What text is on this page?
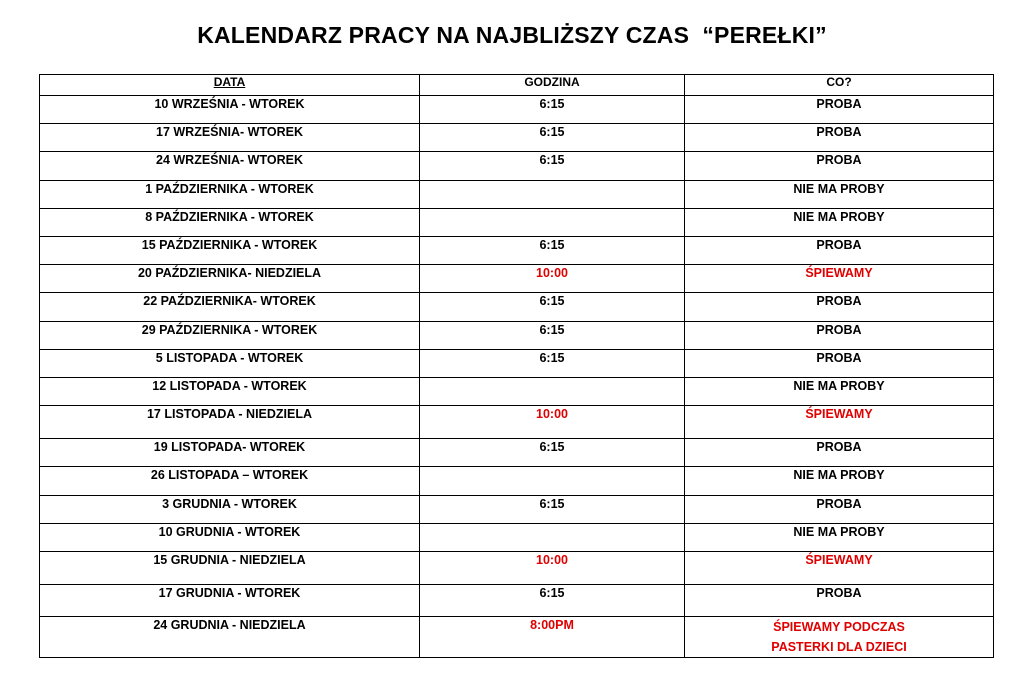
KALENDARZ PRACY NA NAJBLIŻSZY CZAS  “PEREŁKI”
DATA	GODZINA	CO?

10 WRZEŚNIA - WTOREK	6:15	PROBA

17 WRZEŚNIA- WTOREK	6:15	PROBA

24 WRZEŚNIA- WTOREK	6:15	PROBA

1 PAŹDZIERNIKA - WTOREK		NIE MA PROBY

8 PAŹDZIERNIKA - WTOREK		NIE MA PROBY

15 PAŹDZIERNIKA - WTOREK	6:15	PROBA

20 PAŹDZIERNIKA- NIEDZIELA	10:00	ŚPIEWAMY

22 PAŹDZIERNIKA- WTOREK	6:15	PROBA

29 PAŹDZIERNIKA - WTOREK	6:15	PROBA

5 LISTOPADA - WTOREK	6:15	PROBA

12 LISTOPADA - WTOREK		NIE MA PROBY

17 LISTOPADA - NIEDZIELA	10:00	ŚPIEWAMY

19 LISTOPADA- WTOREK	6:15	PROBA

26 LISTOPADA – WTOREK		NIE MA PROBY

3 GRUDNIA - WTOREK	6:15	PROBA

10 GRUDNIA - WTOREK		NIE MA PROBY

15 GRUDNIA - NIEDZIELA	10:00	ŚPIEWAMY

17 GRUDNIA - WTOREK	6:15	PROBA

24 GRUDNIA - NIEDZIELA	8:00PM	ŚPIEWAMY PODCZAS
PASTERKI DLA DZIECI
